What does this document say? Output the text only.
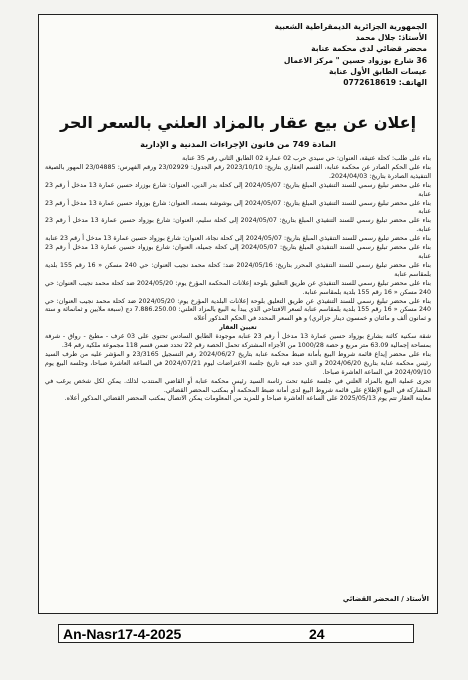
الجمهورية الجزائرية الديمقراطية الشعبية
الأستاذ: جلال محمد
محضر قضائي لدى محكمة عنابة
36 شارع بوزواد حسين " مركز الاعمال
عيسات الطابق الأول عنابة
الهاتف: 0772618619
إعلان عن بيع عقار بالمزاد العلني بالسعر الحر
المادة 749 من قانون الإجراءات المدنية و الإدارية

بناء على طلب: كحلة عتيقة، العنوان: حي سيدي حرب 02 عمارة 02 الطابق الثاني رقم 35 عنابة

بناء على الحكم الصادر عن محكمة عنابة، القسم العقاري بتاريخ: 2023/10/10 رقم الجدول: 23/02929 ورقم الفهرس: 23/04885 المهور بالصيغة التنفيذية الصادرة بتاريخ: 2024/04/03.

بناء على محضر تبليغ رسمي للسند التنفيذي المبلغ بتاريخ: 2024/05/07 إلى كحلة بدر الدين، العنوان: شارع بوزراد حسين عمارة 13 مدخل أ رقم 23 عنابة

بناء على محضر تبليغ رسمي للسند التنفيذي المبلغ بتاريخ: 2024/05/07 إلى بوشوشة بسمة، العنوان: شارع بوزواد حسين عمارة 13 مدخل أ رقم 23 عنابة

بناء على محضر تبليغ رسمي للسند التنفيذي المبلغ بتاريخ: 2024/05/07 إلى كحلة سليم، العنوان: شارع بوزواد حسين عمارة 13 مدخل أ رقم 23 عنابة.

بناء على محضر تبليغ رسمي للسند التنفيذي المبلغ بتاريخ: 2024/05/07 إلى كحلة نجاة، العنوان: شارع بوزواد حسين عمارة 13 مدخل أ رقم 23 عنابة

بناء على محضر تبليغ رسمي للسند التنفيذي المبلغ بتاريخ: 2024/05/07 إلى كحلة جميلة، العنوان: شارع بوزواد حسين عمارة 13 مدخل أ رقم 23 عنابة

بناء على محضر تبليغ رسمي للسند التنفيذي المحرر بتاريخ: 2024/05/16 ضد: كحلة محمد نجيب العنوان: حي 240 مسكن « 16 رقم 155 بلدية بلمقاسم عنابة

بناء على محضر تبليغ رسمي للسند التنفيذي عن طريق التعليق بلوحة إعلانات المحكمة المؤرخ يوم: 2024/05/20 ضد كحلة محمد نجيب العنوان: حي 240 مسكن « 16 رقم 155 بلدية بلمقاسم عنابة.

بناء على محضر تبليغ رسمي للسند التنفيذي عن طريق التعليق بلوحة إعلانات البلدية المؤرخ يوم: 2024/05/20 ضد كحلة محمد نجيب العنوان: حي 240 مسكن « 16 رقم 155 بلدية بلمقاسم عنابة لسعر الافتتاحي الذي يبدأ به البيع بالمزاد العلني: 7.886.250.00 دج (سبعة ملايين و ثمانمائة و ستة و ثمانون ألف و مائتان و خمسون دينار جزائري) و هو السعر المحدد في الحكم المذكور أعلاه

تعيين العقار

شقة سكنية كائنة بشارع بوزواد حسين عمارة 13 مدخل أ رقم 23 عنابة موجودة الطابق السادس تحتوي على 03 غرف - مطبخ - رواق - شرفة بمساحة إجمالية 63.09 متر مربع و حصة 1000/28 من الأجزاء المشتركة تحمل الحصة رقم 22 تحدد ضمن قسم 118 مجموعة ملكية رقم 34.

بناء على محضر إيداع قائمة شروط البيع بأمانة ضبط محكمة عنابة بتاريخ 2024/06/27 رقم التسجيل 23/3165 و المؤشر عليه من طرف السيد رئيس محكمة عنابة بتاريخ 2024/06/20 و الذي حدد فيه تاريخ جلسة الاعتراضات ليوم 2024/07/21 في الساعة العاشرة صباحا، وجلسة البيع يوم 2024/09/10 في الساعة العاشرة صباحا.

تجرى عملية البيع بالمزاد العلني في جلسة علنية تحت رئاسة السيد رئيس محكمة عنابة أو القاضي المنتدب لذلك. يمكن لكل شخص يرغب في المشاركة في البيع الإطلاع على قائمة شروط البيع لدى أمانة ضبط المحكمة أو بمكتب المحضر القضائي.

معاينة العقار تتم يوم 2025/05/13 على الساعة العاشرة صباحا و للمزيد من المعلومات يمكن الاتصال بمكتب المحضر القضائي المذكور أعلاه.

الأستاذ / المحضر القضائي
An-Nasr17-4-2025	24
